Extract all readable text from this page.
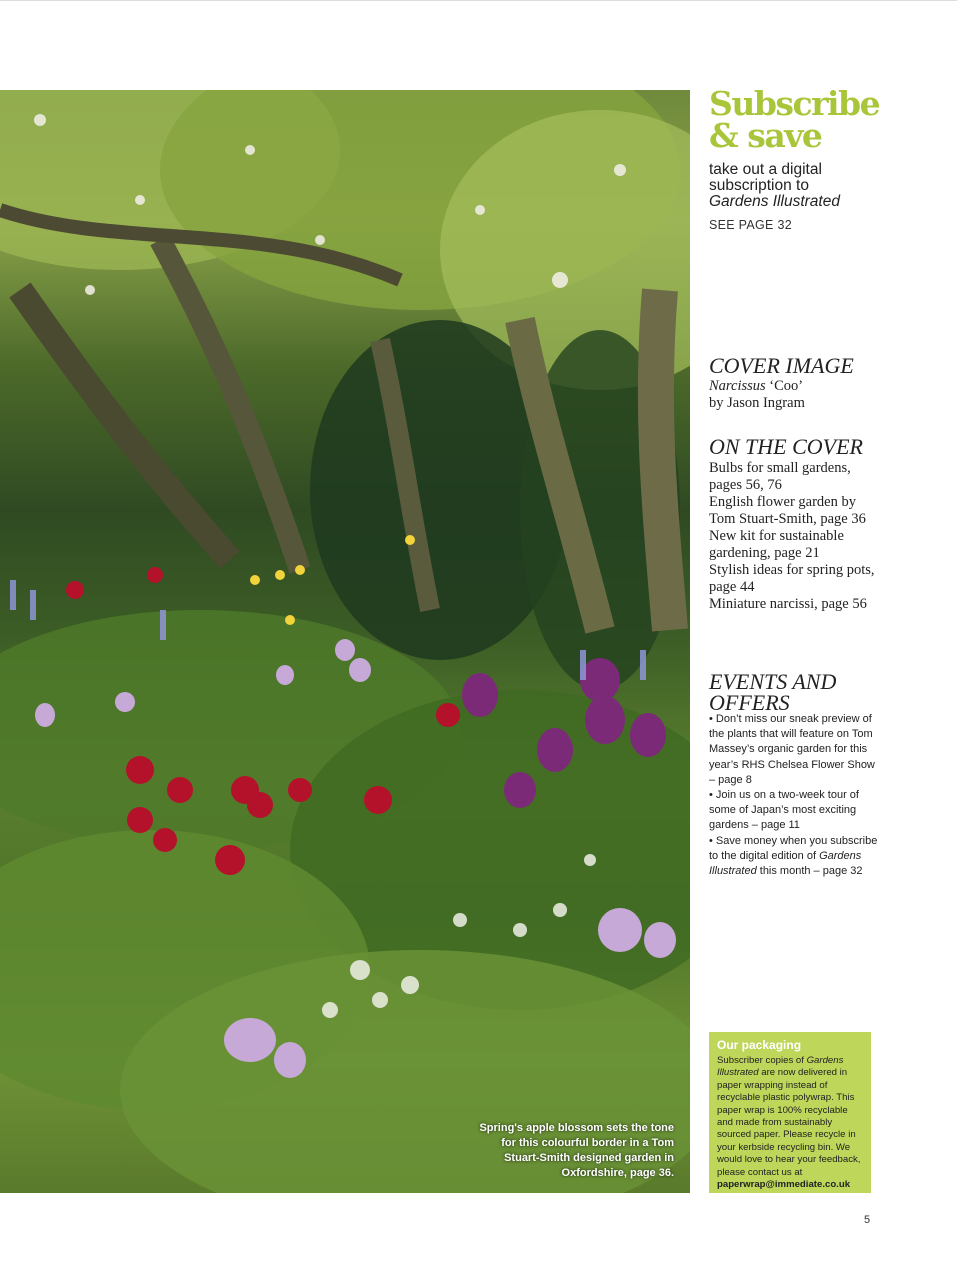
Spring's apple blossom sets the tone for this colourful border in a Tom Stuart-Smith designed garden in Oxfordshire, page 36.
Subscribe
& save
take out a digital
subscription to
Gardens Illustrated
SEE PAGE 32
COVER IMAGE
Narcissus ‘Coo’
by Jason Ingram
ON THE COVER
Bulbs for small gardens, pages 56, 76
English flower garden by Tom Stuart-Smith, page 36
New kit for sustainable gardening, page 21
Stylish ideas for spring pots, page 44
Miniature narcissi, page 56
EVENTS AND
OFFERS
• Don’t miss our sneak preview of the plants that will feature on Tom Massey’s organic garden for this year’s RHS Chelsea Flower Show – page 8
• Join us on a two-week tour of some of Japan’s most exciting gardens – page 11
• Save money when you subscribe to the digital edition of Gardens Illustrated this month – page 32
Our packaging
Subscriber copies of Gardens Illustrated are now delivered in paper wrapping instead of recyclable plastic polywrap. This paper wrap is 100% recyclable and made from sustainably sourced paper. Please recycle in your kerbside recycling bin. We would love to hear your feedback, please contact us at paperwrap@immediate.co.uk
5
